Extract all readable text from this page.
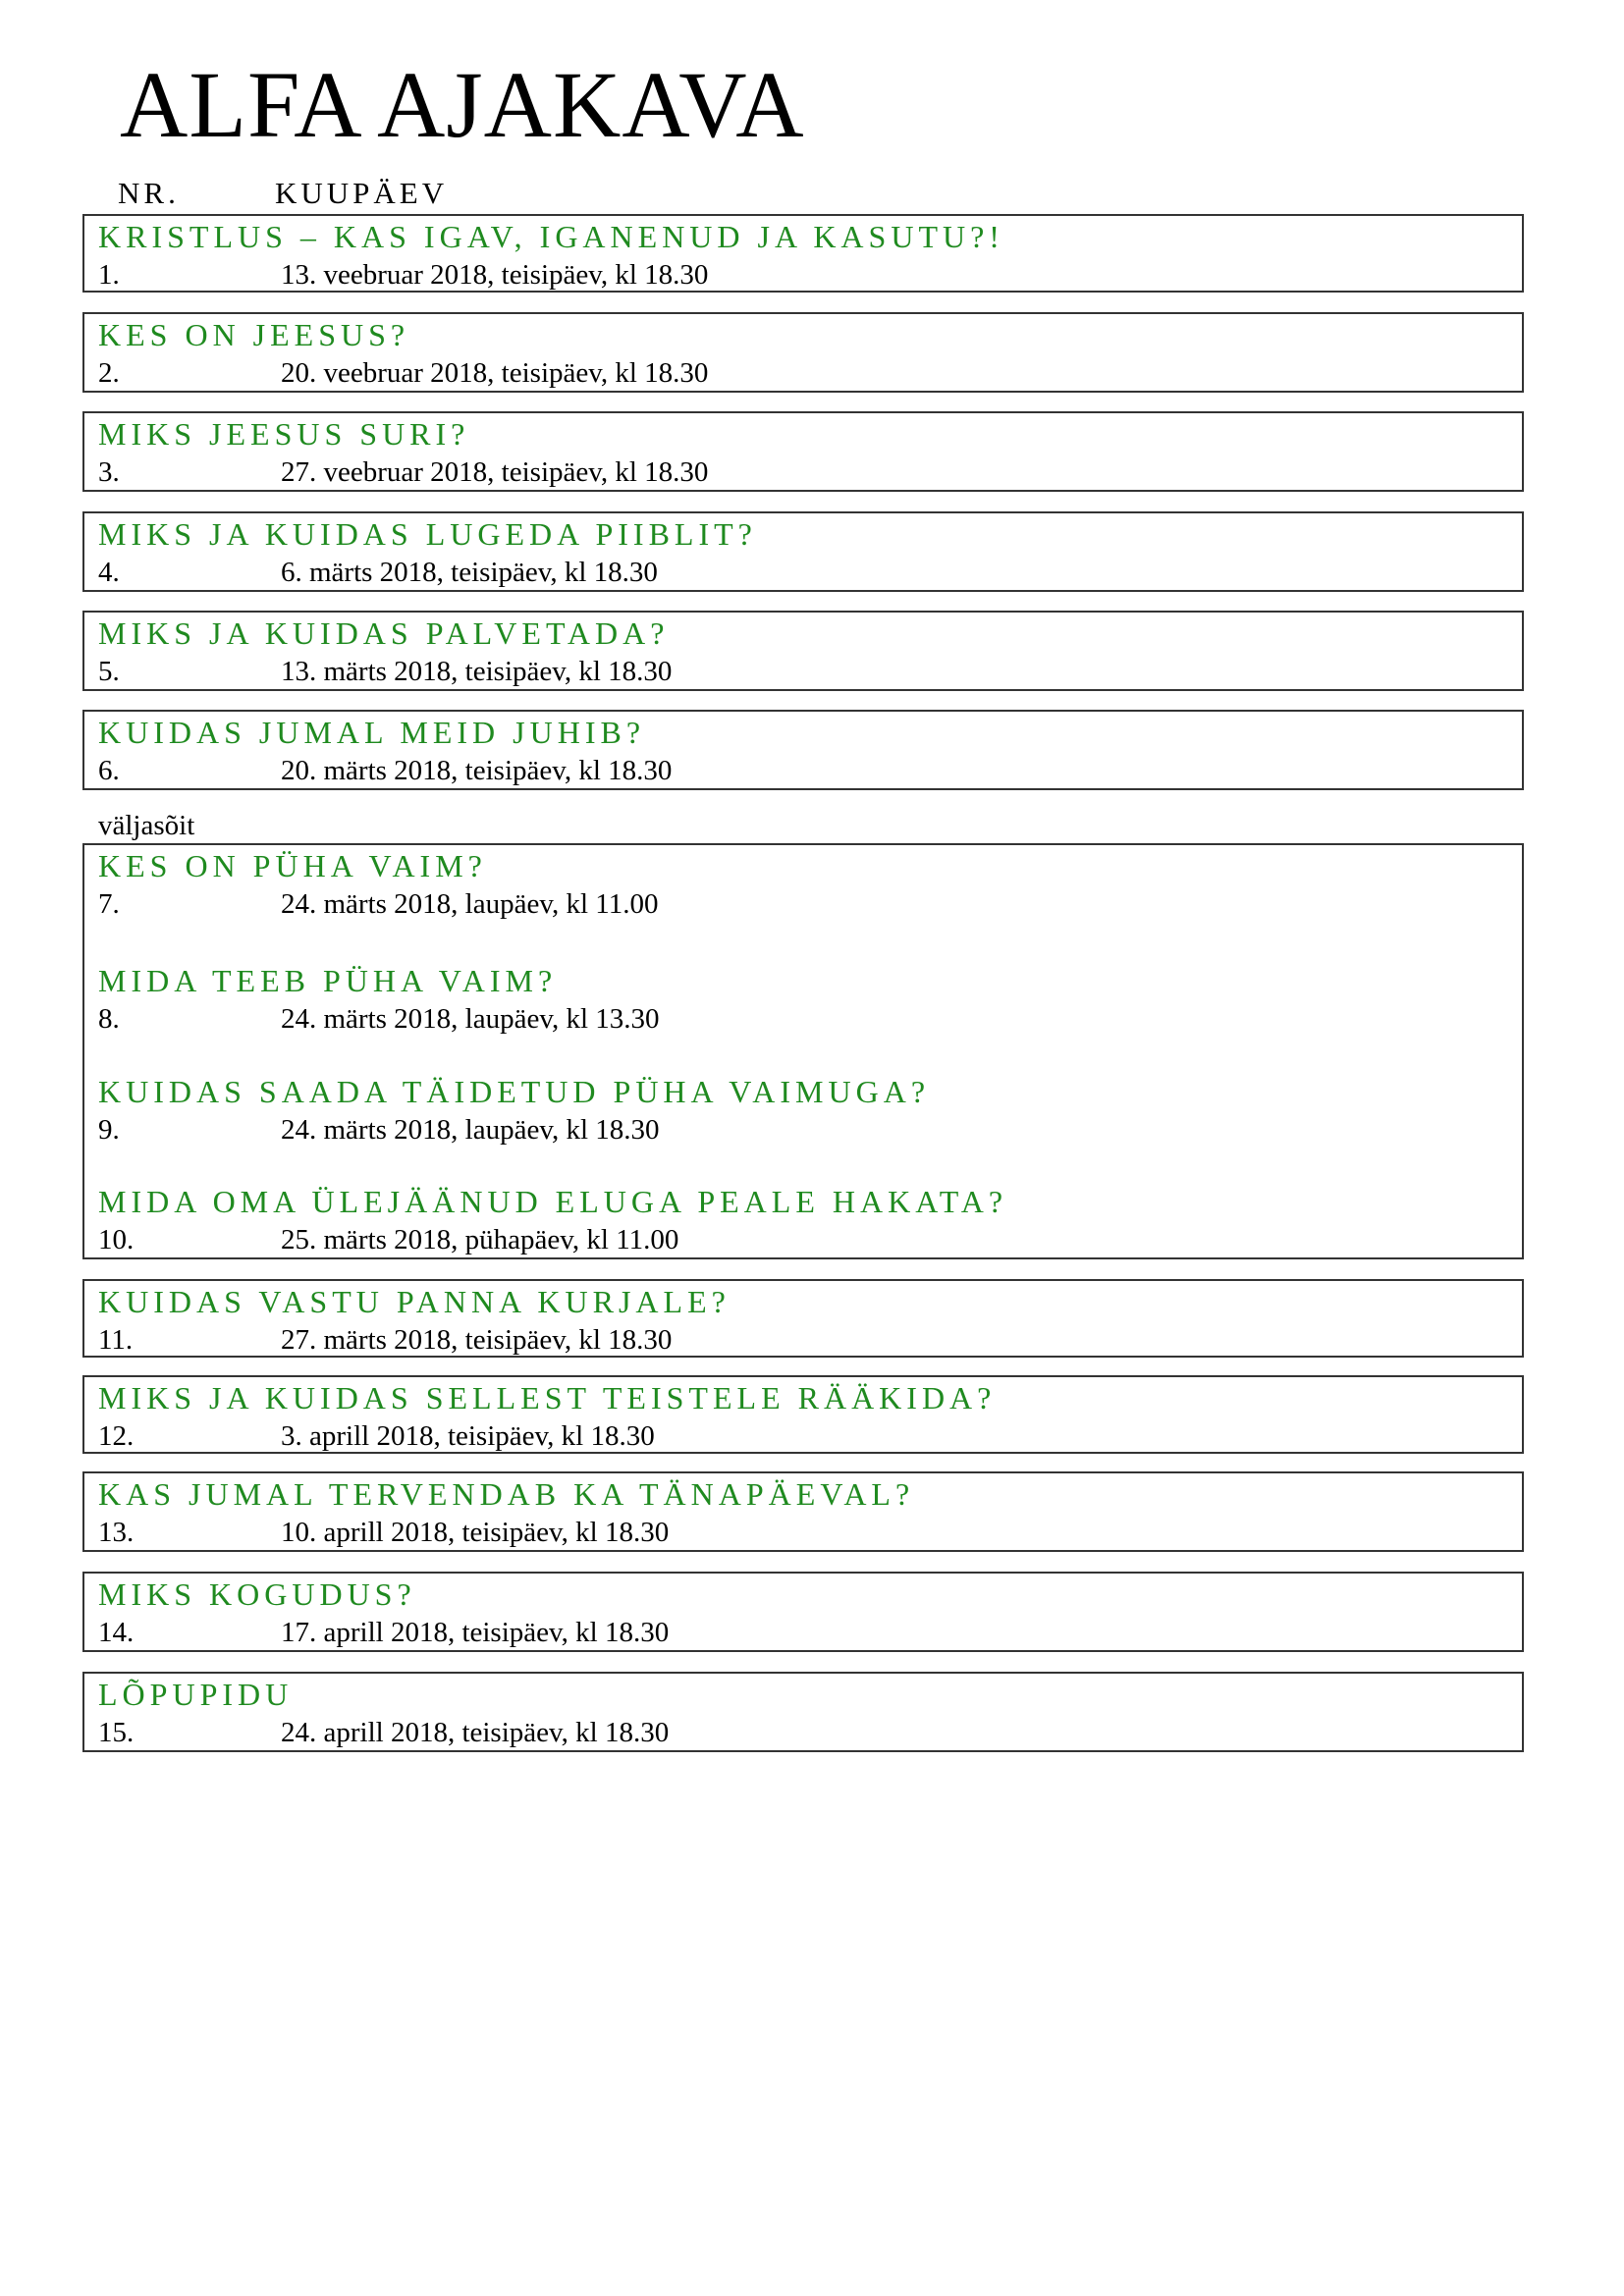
ALFA AJAKAVA
NR.	KUUPÄEV
KRISTLUS – KAS IGAV, IGANENUD JA KASUTU?!
1.	13. veebruar 2018, teisipäev, kl 18.30
KES ON JEESUS?
2.	20. veebruar 2018, teisipäev, kl 18.30
MIKS JEESUS SURI?
3.	27. veebruar 2018, teisipäev, kl 18.30
MIKS JA KUIDAS LUGEDA PIIBLIT?
4.	6. märts 2018, teisipäev, kl 18.30
MIKS JA KUIDAS PALVETADA?
5.	13. märts 2018, teisipäev, kl 18.30
KUIDAS JUMAL MEID JUHIB?
6.	20. märts 2018, teisipäev, kl 18.30
väljasõit
KES ON PÜHA VAIM?
7.	24. märts 2018, laupäev, kl 11.00
MIDA TEEB PÜHA VAIM?
8.	24. märts 2018, laupäev, kl 13.30
KUIDAS SAADA TÄIDETUD PÜHA VAIMUGA?
9.	24. märts 2018, laupäev, kl 18.30
MIDA OMA ÜLEJÄÄNUD ELUGA PEALE HAKATA?
10.	25. märts 2018, pühapäev, kl 11.00
KUIDAS VASTU PANNA KURJALE?
11.	27. märts 2018, teisipäev, kl 18.30
MIKS JA KUIDAS SELLEST TEISTELE RÄÄKIDA?
12.	3. aprill 2018, teisipäev, kl 18.30
KAS JUMAL TERVENDAB KA TÄNAPÄEVAL?
13.	10. aprill 2018, teisipäev, kl 18.30
MIKS KOGUDUS?
14.	17. aprill 2018, teisipäev, kl 18.30
LÕPUPIDU
15.	24. aprill 2018, teisipäev, kl 18.30
